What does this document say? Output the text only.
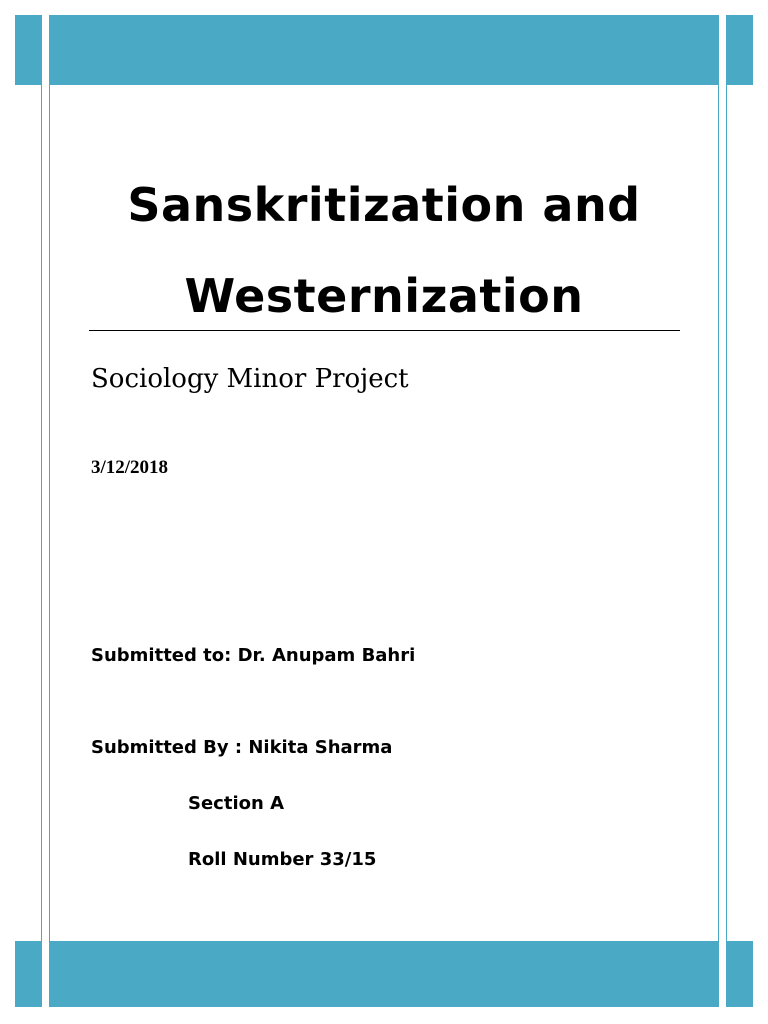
Sanskritization and
Westernization
Sociology Minor Project
3/12/2018
Submitted to: Dr. Anupam Bahri
Submitted By : Nikita Sharma
Section A
Roll Number 33/15
